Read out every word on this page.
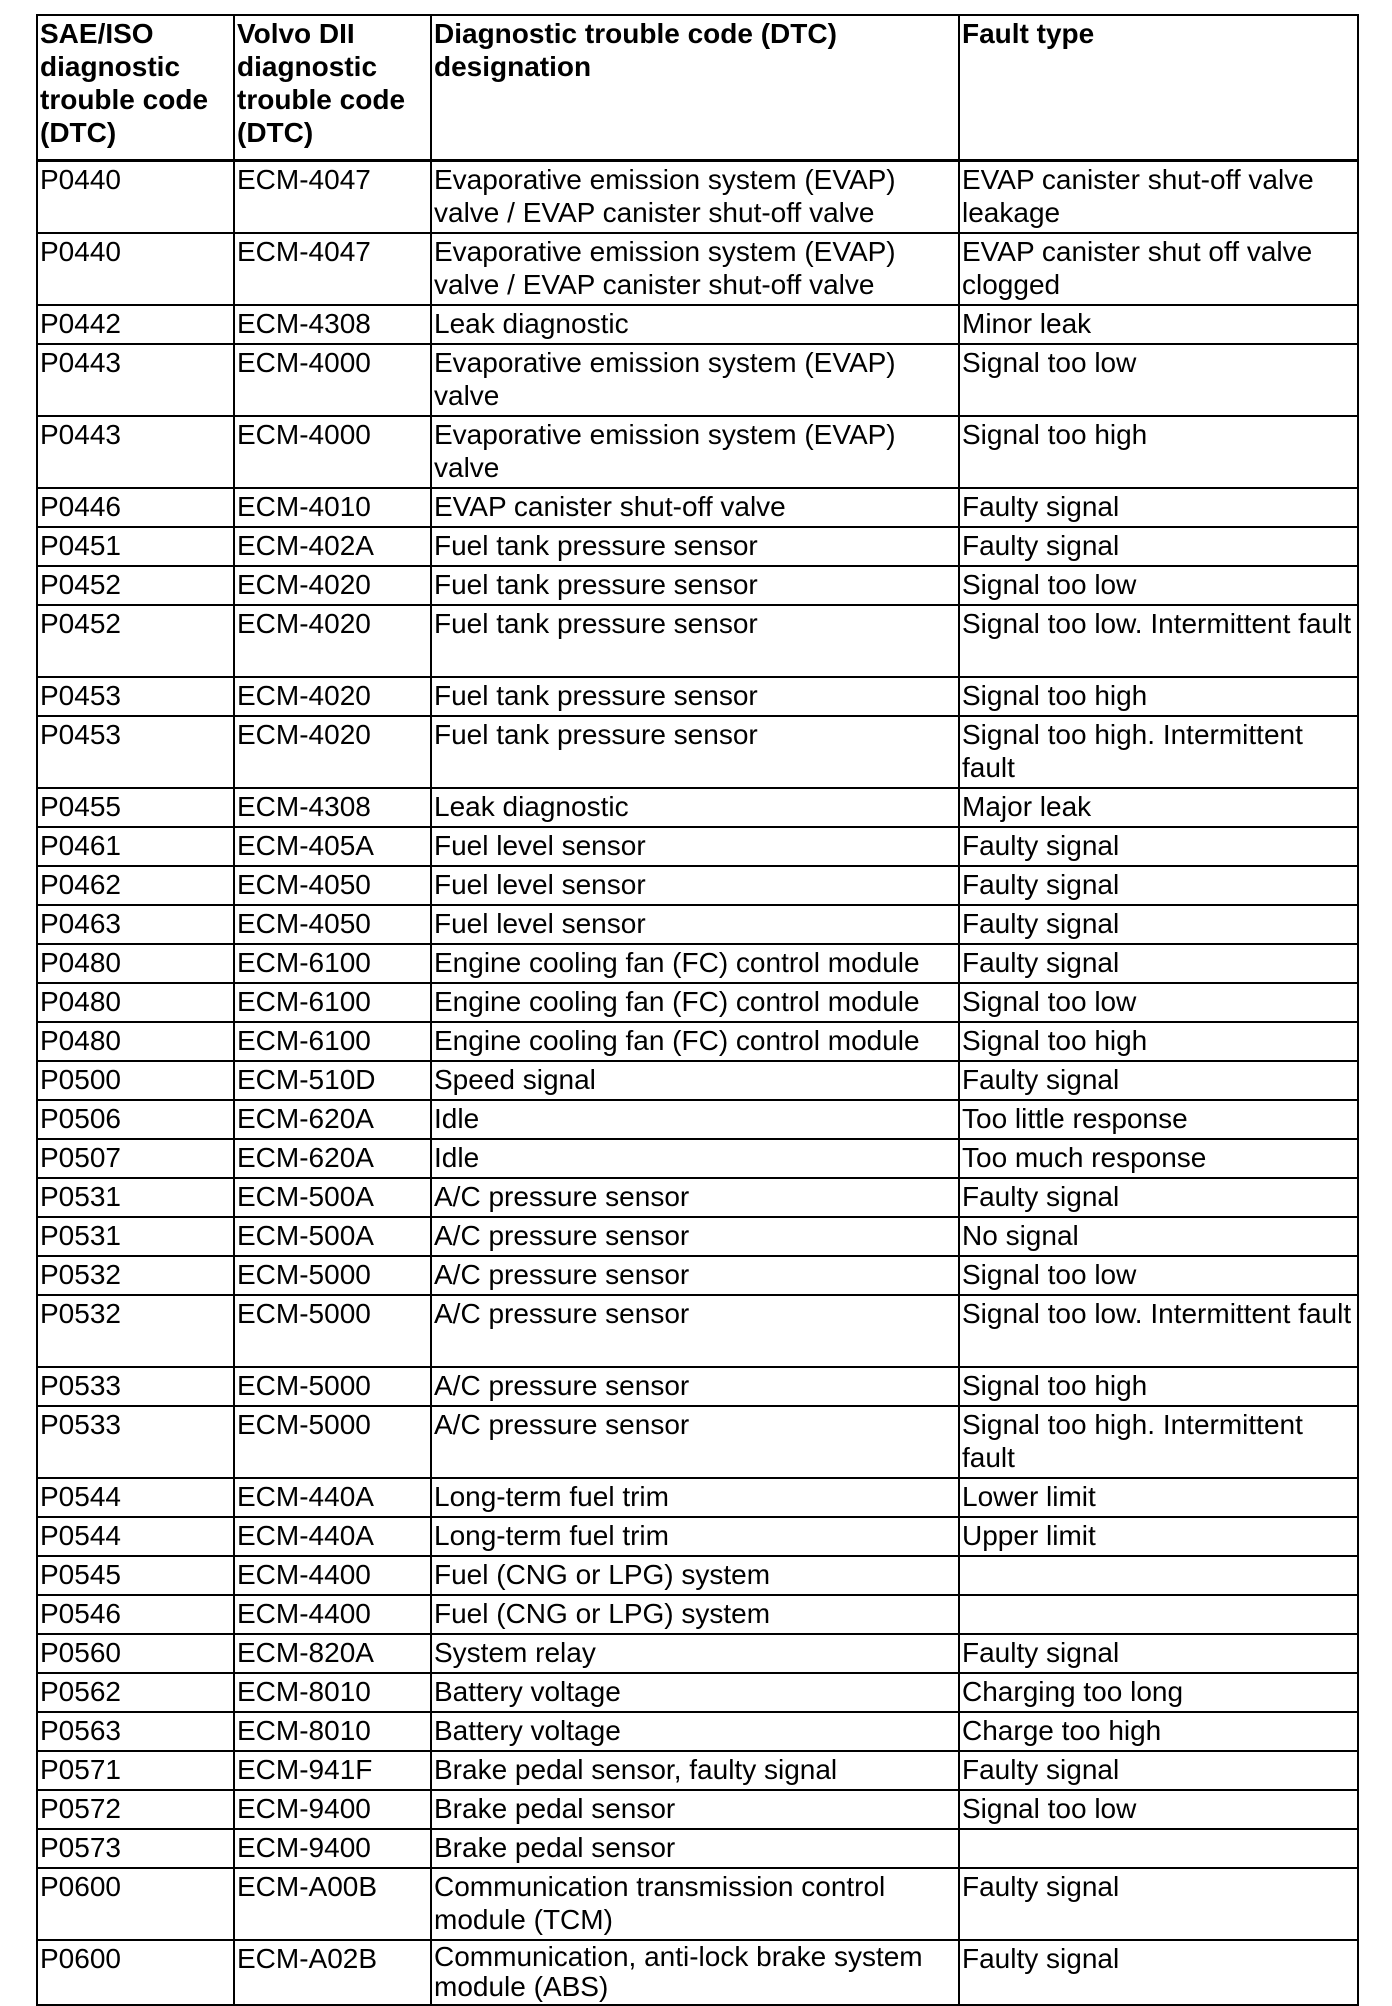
SAE/ISO diagnostic trouble code (DTC)	Volvo DII diagnostic trouble code (DTC)	Diagnostic trouble code (DTC) designation	Fault type
P0440	ECM-4047	Evaporative emission system (EVAP) valve / EVAP canister shut-off valve	EVAP canister shut-off valve leakage
P0440	ECM-4047	Evaporative emission system (EVAP) valve / EVAP canister shut-off valve	EVAP canister shut off valve clogged
P0442	ECM-4308	Leak diagnostic	Minor leak
P0443	ECM-4000	Evaporative emission system (EVAP) valve	Signal too low
P0443	ECM-4000	Evaporative emission system (EVAP) valve	Signal too high
P0446	ECM-4010	EVAP canister shut-off valve	Faulty signal
P0451	ECM-402A	Fuel tank pressure sensor	Faulty signal
P0452	ECM-4020	Fuel tank pressure sensor	Signal too low
P0452	ECM-4020	Fuel tank pressure sensor	Signal too low. Intermittent fault
P0453	ECM-4020	Fuel tank pressure sensor	Signal too high
P0453	ECM-4020	Fuel tank pressure sensor	Signal too high. Intermittent fault
P0455	ECM-4308	Leak diagnostic	Major leak
P0461	ECM-405A	Fuel level sensor	Faulty signal
P0462	ECM-4050	Fuel level sensor	Faulty signal
P0463	ECM-4050	Fuel level sensor	Faulty signal
P0480	ECM-6100	Engine cooling fan (FC) control module	Faulty signal
P0480	ECM-6100	Engine cooling fan (FC) control module	Signal too low
P0480	ECM-6100	Engine cooling fan (FC) control module	Signal too high
P0500	ECM-510D	Speed signal	Faulty signal
P0506	ECM-620A	Idle	Too little response
P0507	ECM-620A	Idle	Too much response
P0531	ECM-500A	A/C pressure sensor	Faulty signal
P0531	ECM-500A	A/C pressure sensor	No signal
P0532	ECM-5000	A/C pressure sensor	Signal too low
P0532	ECM-5000	A/C pressure sensor	Signal too low. Intermittent fault
P0533	ECM-5000	A/C pressure sensor	Signal too high
P0533	ECM-5000	A/C pressure sensor	Signal too high. Intermittent fault
P0544	ECM-440A	Long-term fuel trim	Lower limit
P0544	ECM-440A	Long-term fuel trim	Upper limit
P0545	ECM-4400	Fuel (CNG or LPG) system	
P0546	ECM-4400	Fuel (CNG or LPG) system	
P0560	ECM-820A	System relay	Faulty signal
P0562	ECM-8010	Battery voltage	Charging too long
P0563	ECM-8010	Battery voltage	Charge too high
P0571	ECM-941F	Brake pedal sensor, faulty signal	Faulty signal
P0572	ECM-9400	Brake pedal sensor	Signal too low
P0573	ECM-9400	Brake pedal sensor	
P0600	ECM-A00B	Communication transmission control module (TCM)	Faulty signal
P0600	ECM-A02B	Communication, anti-lock brake system module (ABS)	Faulty signal
